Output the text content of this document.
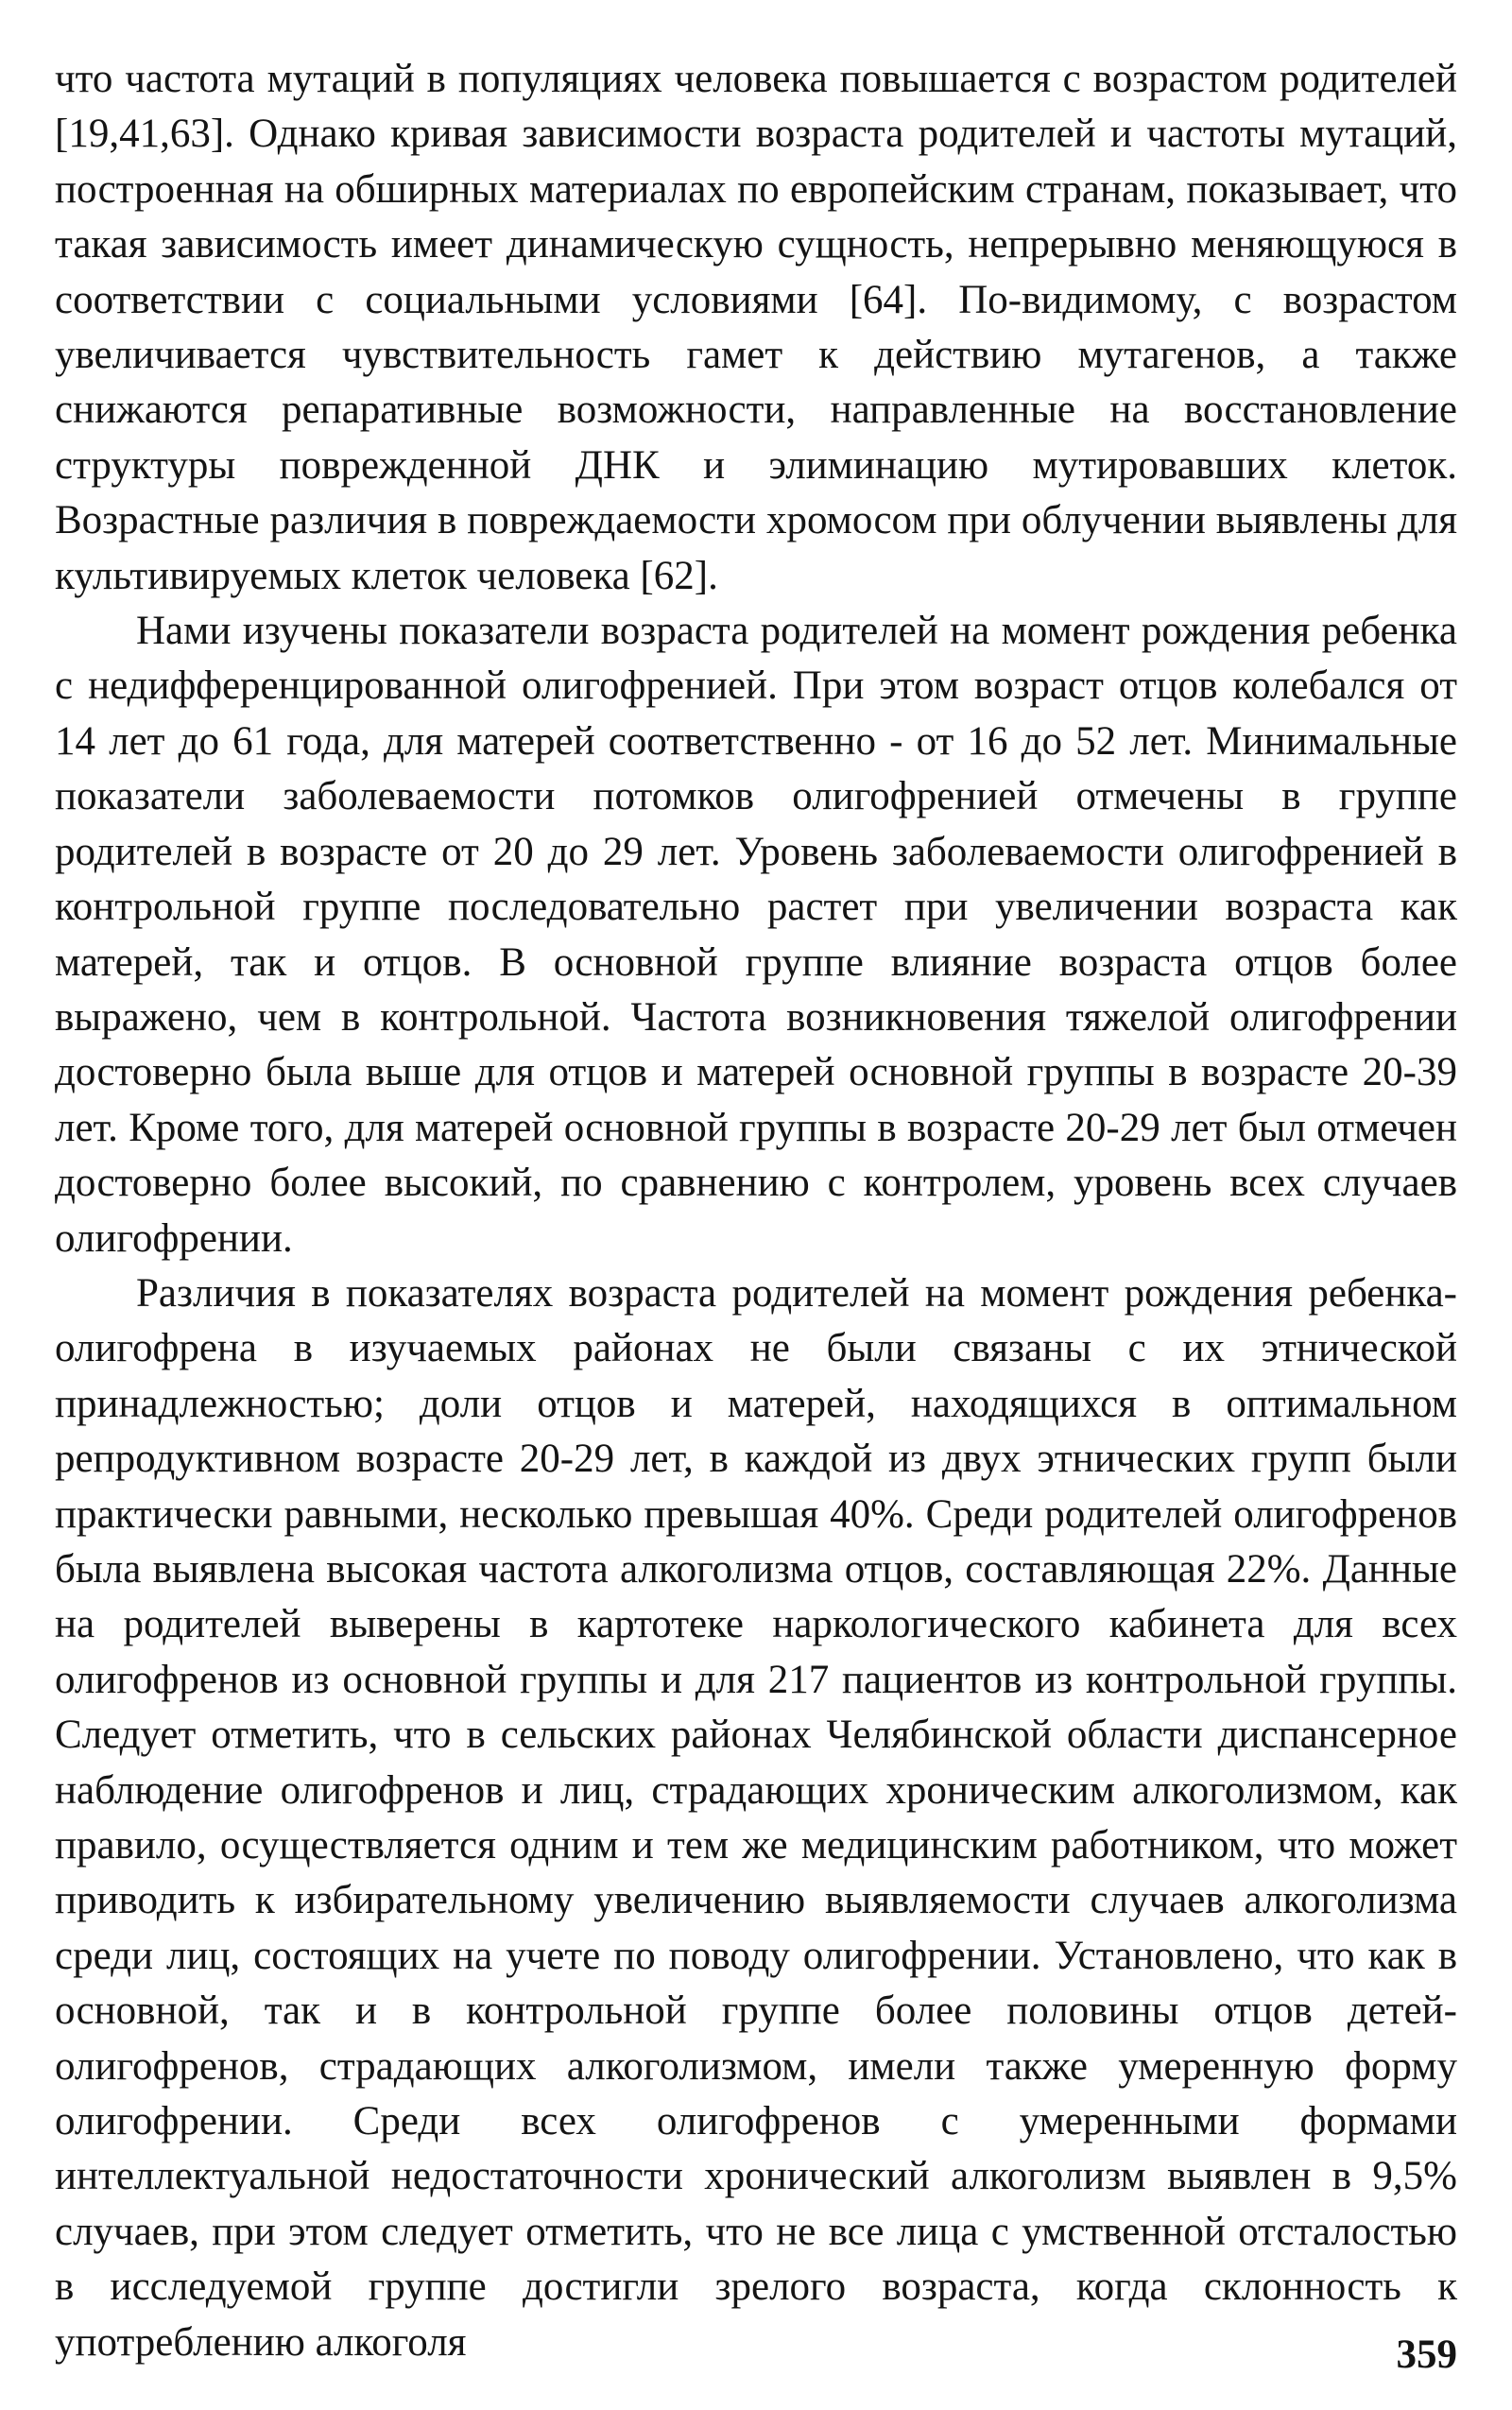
что частота мутаций в популяциях человека повышается с возрастом родителей [19,41,63]. Однако кривая зависимости возраста родителей и частоты мутаций, построенная на обширных материалах по европейским странам, показывает, что такая зависимость имеет динамическую сущность, непрерывно меняющуюся в соответствии с социальными условиями [64]. По-видимому, с возрастом увеличивается чувствительность гамет к действию мутагенов, а также снижаются репаративные возможности, направленные на восстановление структуры поврежденной ДНК и элиминацию мутировавших клеток. Возрастные различия в повреждаемости хромосом при облучении выявлены для культивируемых клеток человека [62].

Нами изучены показатели возраста родителей на момент рождения ребенка с недифференцированной олигофренией. При этом возраст отцов колебался от 14 лет до 61 года, для матерей соответственно - от 16 до 52 лет. Минимальные показатели заболеваемости потомков олигофренией отмечены в группе родителей в возрасте от 20 до 29 лет. Уровень заболеваемости олигофренией в контрольной группе последовательно растет при увеличении возраста как матерей, так и отцов. В основной группе влияние возраста отцов более выражено, чем в контрольной. Частота возникновения тяжелой олигофрении достоверно была выше для отцов и матерей основной группы в возрасте 20-39 лет. Кроме того, для матерей основной группы в возрасте 20-29 лет был отмечен достоверно более высокий, по сравнению с контролем, уровень всех случаев олигофрении.

Различия в показателях возраста родителей на момент рождения ребенка-олигофрена в изучаемых районах не были связаны с их этнической принадлежностью; доли отцов и матерей, находящихся в оптимальном репродуктивном возрасте 20-29 лет, в каждой из двух этнических групп были практически равными, несколько превышая 40%. Среди родителей олигофренов была выявлена высокая частота алкоголизма отцов, составляющая 22%. Данные на родителей выверены в картотеке наркологического кабинета для всех олигофренов из основной группы и для 217 пациентов из контрольной группы. Следует отметить, что в сельских районах Челябинской области диспансерное наблюдение олигофренов и лиц, страдающих хроническим алкоголизмом, как правило, осуществляется одним и тем же медицинским работником, что может приводить к избирательному увеличению выявляемости случаев алкоголизма среди лиц, состоящих на учете по поводу олигофрении. Установлено, что как в основной, так и в контрольной группе более половины отцов детей-олигофренов, страдающих алкоголизмом, имели также умеренную форму олигофрении. Среди всех олигофренов с умеренными формами интеллектуальной недостаточности хронический алкоголизм выявлен в 9,5% случаев, при этом следует отметить, что не все лица с умственной отсталостью в исследуемой группе достигли зрелого возраста, когда склонность к употреблению алкоголя	359
